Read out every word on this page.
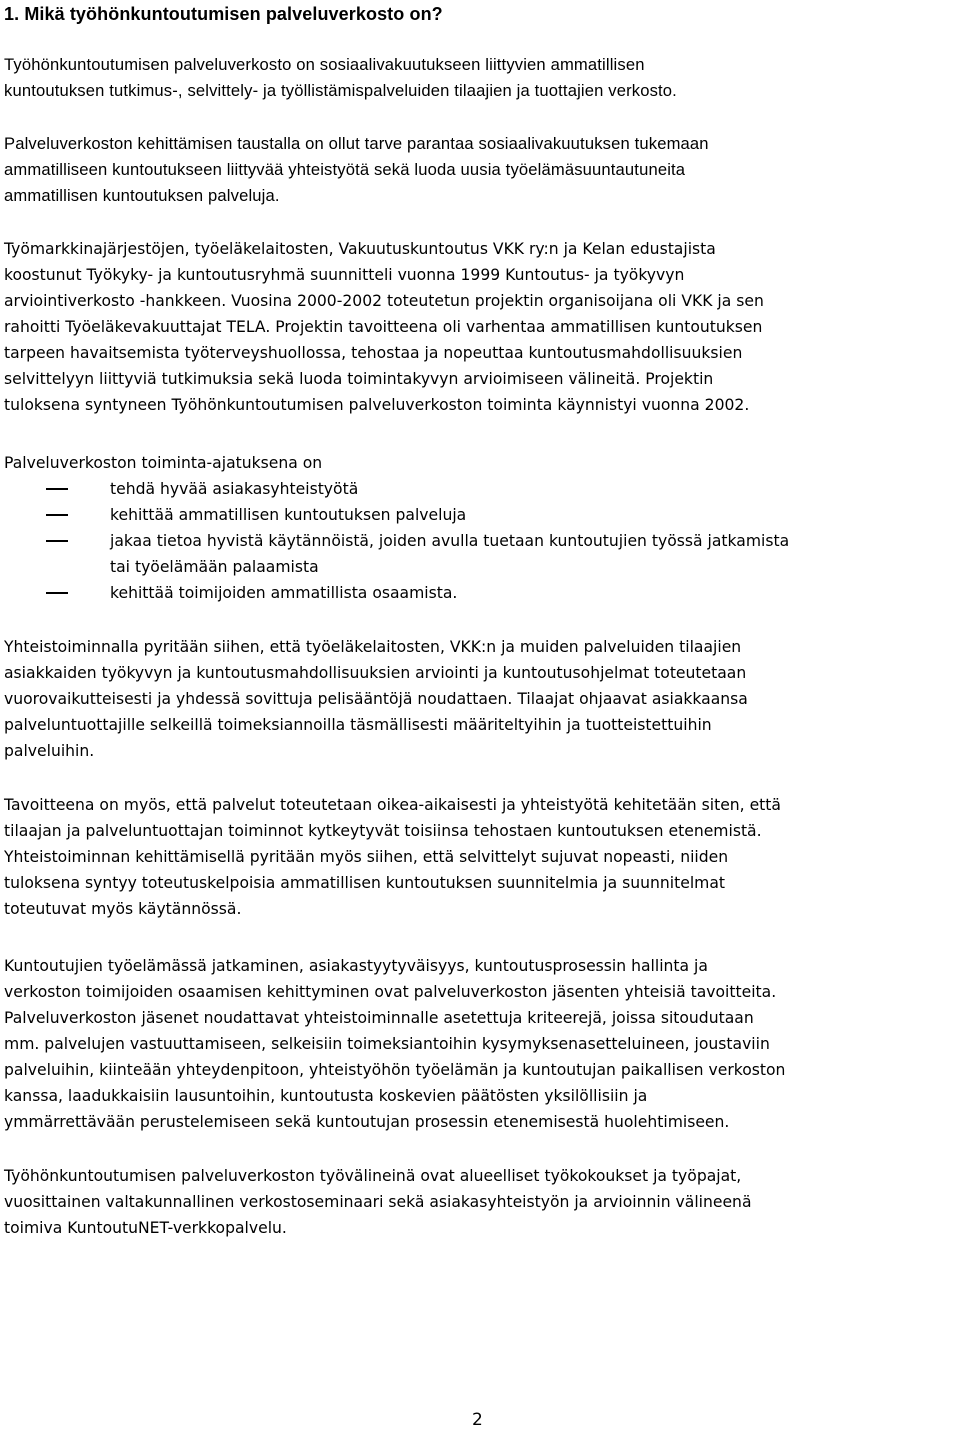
1. Mikä työhönkuntoutumisen palveluverkosto on?
Työhönkuntoutumisen palveluverkosto on sosiaalivakuutukseen liittyvien ammatillisen
kuntoutuksen tutkimus-, selvittely- ja työllistämispalveluiden tilaajien ja tuottajien verkosto.
Palveluverkoston kehittämisen taustalla on ollut tarve parantaa sosiaalivakuutuksen tukemaan
ammatilliseen kuntoutukseen liittyvää yhteistyötä sekä luoda uusia työelämäsuuntautuneita
ammatillisen kuntoutuksen palveluja.
Työmarkkinajärjestöjen, työeläkelaitosten, Vakuutuskuntoutus VKK ry:n ja Kelan edustajista
koostunut Työkyky- ja kuntoutusryhmä suunnitteli vuonna 1999 Kuntoutus- ja työkyvyn
arviointiverkosto -hankkeen. Vuosina 2000-2002 toteutetun projektin organisoijana oli VKK ja sen
rahoitti Työeläkevakuuttajat TELA. Projektin tavoitteena oli varhentaa ammatillisen kuntoutuksen
tarpeen havaitsemista työterveyshuollossa, tehostaa ja nopeuttaa kuntoutusmahdollisuuksien
selvittelyyn liittyviä tutkimuksia sekä luoda toimintakyvyn arvioimiseen välineitä. Projektin
tuloksena syntyneen Työhönkuntoutumisen palveluverkoston toiminta käynnistyi vuonna 2002.
Palveluverkoston toiminta-ajatuksena on
tehdä hyvää asiakasyhteistyötä
kehittää ammatillisen kuntoutuksen palveluja
jakaa tietoa hyvistä käytännöistä, joiden avulla tuetaan kuntoutujien työssä jatkamista
tai työelämään palaamista
kehittää toimijoiden ammatillista osaamista.
Yhteistoiminnalla pyritään siihen, että työeläkelaitosten, VKK:n ja muiden palveluiden tilaajien
asiakkaiden työkyvyn ja kuntoutusmahdollisuuksien arviointi ja kuntoutusohjelmat toteutetaan
vuorovaikutteisesti ja yhdessä sovittuja pelisääntöjä noudattaen. Tilaajat ohjaavat asiakkaansa
palveluntuottajille selkeillä toimeksiannoilla täsmällisesti määriteltyihin ja tuotteistettuihin
palveluihin.
Tavoitteena on myös, että palvelut toteutetaan oikea-aikaisesti ja yhteistyötä kehitetään siten, että
tilaajan ja palveluntuottajan toiminnot kytkeytyvät toisiinsa tehostaen kuntoutuksen etenemistä.
Yhteistoiminnan kehittämisellä pyritään myös siihen, että selvittelyt sujuvat nopeasti, niiden
tuloksena syntyy toteutuskelpoisia ammatillisen kuntoutuksen suunnitelmia ja suunnitelmat
toteutuvat myös käytännössä.
Kuntoutujien työelämässä jatkaminen, asiakastyytyväisyys, kuntoutusprosessin hallinta ja
verkoston toimijoiden osaamisen kehittyminen ovat palveluverkoston jäsenten yhteisiä tavoitteita.
Palveluverkoston jäsenet noudattavat yhteistoiminnalle asetettuja kriteerejä, joissa sitoudutaan
mm. palvelujen vastuuttamiseen, selkeisiin toimeksiantoihin kysymyksenasetteluineen, joustaviin
palveluihin, kiinteään yhteydenpitoon, yhteistyöhön työelämän ja kuntoutujan paikallisen verkoston
kanssa, laadukkaisiin lausuntoihin, kuntoutusta koskevien päätösten yksilöllisiin ja
ymmärrettävään perustelemiseen sekä kuntoutujan prosessin etenemisestä huolehtimiseen.
Työhönkuntoutumisen palveluverkoston työvälineinä ovat alueelliset työkokoukset ja työpajat,
vuosittainen valtakunnallinen verkostoseminaari sekä asiakasyhteistyön ja arvioinnin välineenä
toimiva KuntoutuNET-verkkopalvelu.
2
